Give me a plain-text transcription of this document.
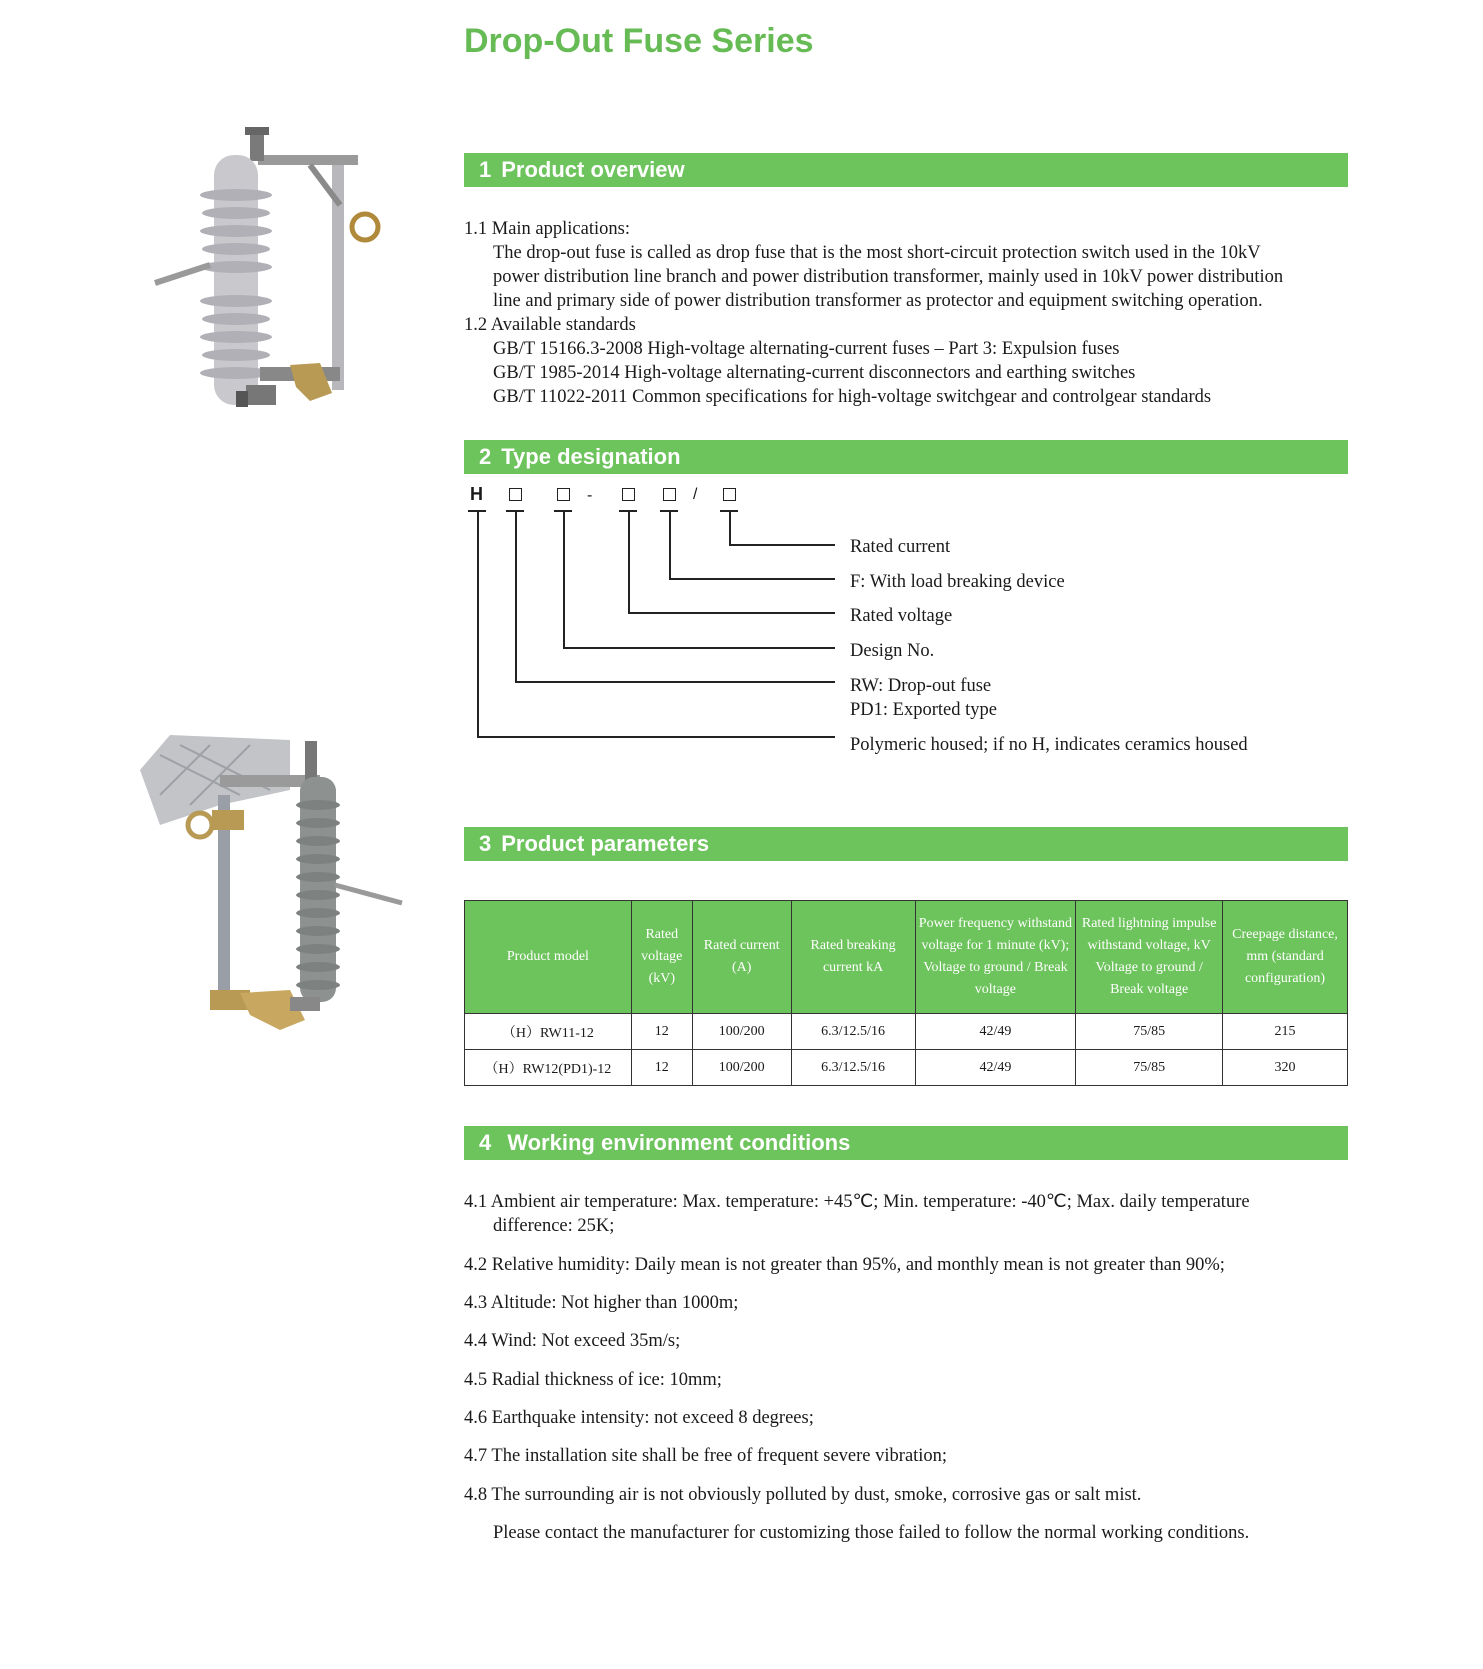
Drop-Out Fuse Series
1 Product overview
1.1 Main applications:
The drop-out fuse is called as drop fuse that is the most short-circuit protection switch used in the 10kV
power distribution line branch and power distribution transformer, mainly used in 10kV power distribution
line and primary side of power distribution transformer as protector and equipment switching operation.
1.2 Available standards
GB/T 15166.3-2008 High-voltage alternating-current fuses – Part 3: Expulsion fuses
GB/T 1985-2014 High-voltage alternating-current disconnectors and earthing switches
GB/T 11022-2011 Common specifications for high-voltage switchgear and controlgear standards
2 Type designation
H	-	/
Rated current
F: With load breaking device
Rated voltage
Design No.
RW: Drop-out fuse
PD1: Exported type
Polymeric housed; if no H, indicates ceramics housed
3 Product parameters
Product model	Rated voltage (kV)	Rated current (A)	Rated breaking current kA	Power frequency withstand voltage for 1 minute (kV); Voltage to ground / Break voltage	Rated lightning impulse withstand voltage, kV Voltage to ground / Break voltage	Creepage distance, mm (standard configuration)
（H）RW11-12	12	100/200	6.3/12.5/16	42/49	75/85	215
（H）RW12(PD1)-12	12	100/200	6.3/12.5/16	42/49	75/85	320
4 Working environment conditions
4.1 Ambient air temperature: Max. temperature: +45℃; Min. temperature: -40℃; Max. daily temperature
difference: 25K;
4.2 Relative humidity: Daily mean is not greater than 95%, and monthly mean is not greater than 90%;
4.3 Altitude: Not higher than 1000m;
4.4 Wind: Not exceed 35m/s;
4.5 Radial thickness of ice: 10mm;
4.6 Earthquake intensity: not exceed 8 degrees;
4.7 The installation site shall be free of frequent severe vibration;
4.8 The surrounding air is not obviously polluted by dust, smoke, corrosive gas or salt mist.
Please contact the manufacturer for customizing those failed to follow the normal working conditions.
